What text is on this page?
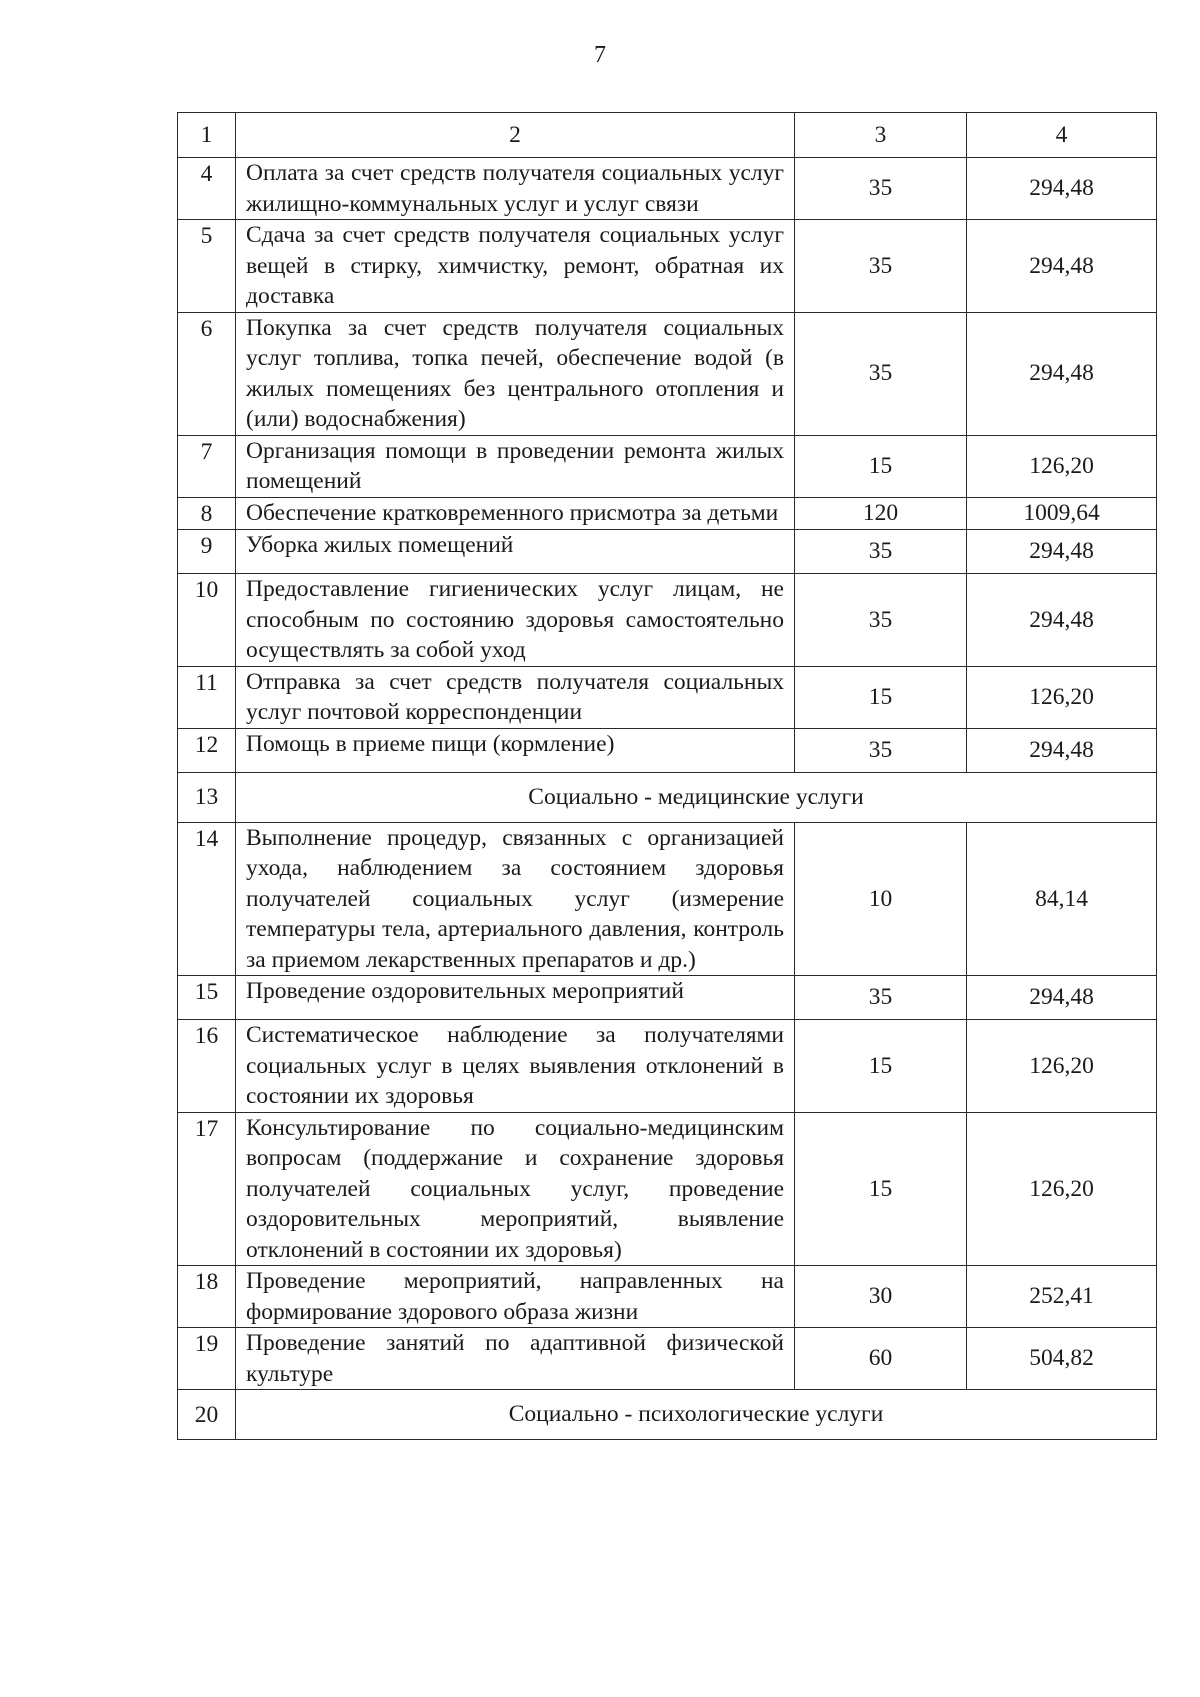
7
1	2	3	4
4	Оплата за счет средств получателя социальных услуг жилищно-коммунальных услуг и услуг связи	35	294,48
5	Сдача за счет средств получателя социальных услуг вещей в стирку, химчистку, ремонт, обратная их доставка	35	294,48
6	Покупка за счет средств получателя социальных услуг топлива, топка печей, обеспечение водой (в жилых помещениях без центрального отопления и (или) водоснабжения)	35	294,48
7	Организация помощи в проведении ремонта жилых помещений	15	126,20
8	Обеспечение кратковременного присмотра за детьми	120	1009,64
9	Уборка жилых помещений	35	294,48
10	Предоставление гигиенических услуг лицам, не способным по состоянию здоровья самостоятельно осуществлять за собой уход	35	294,48
11	Отправка за счет средств получателя социальных услуг почтовой корреспонденции	15	126,20
12	Помощь в приеме пищи (кормление)	35	294,48
13	Социально - медицинские услуги		
14	Выполнение процедур, связанных с организацией ухода, наблюдением за состоянием здоровья получателей социальных услуг (измерение температуры тела, артериального давления, контроль за приемом лекарственных препаратов и др.)	10	84,14
15	Проведение оздоровительных мероприятий	35	294,48
16	Систематическое наблюдение за получателями социальных услуг в целях выявления отклонений в состоянии их здоровья	15	126,20
17	Консультирование по социально-медицинским вопросам (поддержание и сохранение здоровья получателей социальных услуг, проведение оздоровительных мероприятий, выявление отклонений в состоянии их здоровья)	15	126,20
18	Проведение мероприятий, направленных на формирование здорового образа жизни	30	252,41
19	Проведение занятий по адаптивной физической культуре	60	504,82
20	Социально - психологические услуги		
